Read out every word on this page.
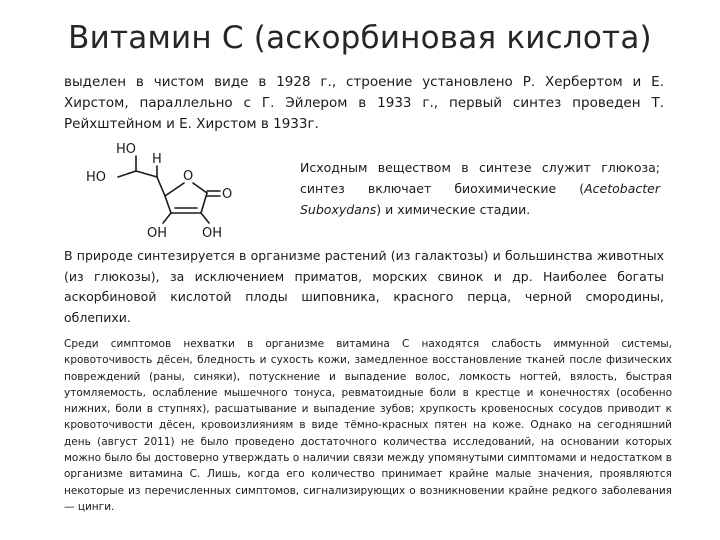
Витамин С (аскорбиновая кислота)

выделен в чистом виде в 1928 г., строение установлено Р. Хербертом и Е. Хирстом, параллельно с Г. Эйлером в 1933 г., первый синтез проведен Т. Рейхштейном и Е. Хирстом в 1933г.

HO
H
HO	O
O
OH	OH

Исходным веществом в синтезе служит глюкоза; синтез включает биохимические (Acetobacter Suboxydans) и химические стадии.

В природе синтезируется в организме растений (из галактозы) и большинства животных (из глюкозы), за исключением приматов, морских свинок и др. Наиболее богаты аскорбиновой кислотой плоды шиповника, красного перца, черной смородины, облепихи.

Среди симптомов нехватки в организме витамина С находятся слабость иммунной системы, кровоточивость дёсен, бледность и сухость кожи, замедленное восстановление тканей после физических повреждений (раны, синяки), потускнение и выпадение волос, ломкость ногтей, вялость, быстрая утомляемость, ослабление мышечного тонуса, ревматоидные боли в крестце и конечностях (особенно нижних, боли в ступнях), расшатывание и выпадение зубов; хрупкость кровеносных сосудов приводит к кровоточивости дёсен, кровоизлияниям в виде тёмно-красных пятен на коже. Однако на сегодняшний день (август 2011) не было проведено достаточного количества исследований, на основании которых можно было бы достоверно утверждать о наличии связи между упомянутыми симптомами и недостатком в организме витамина С. Лишь, когда его количество принимает крайне малые значения, проявляются некоторые из перечисленных симптомов, сигнализирующих о возникновении крайне редкого заболевания — цинги.
